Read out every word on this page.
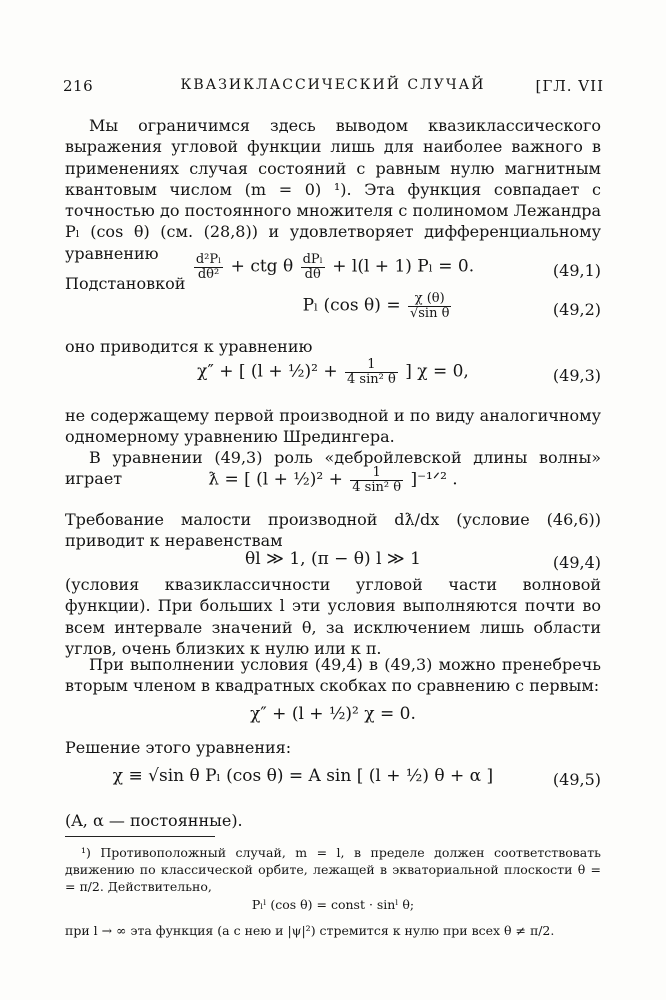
216	КВАЗИКЛАССИЧЕСКИЙ СЛУЧАЙ	[ГЛ. VII
Мы ограничимся здесь выводом квазиклассического выражения угловой функции лишь для наиболее важного в применениях случая состояний с равным нулю магнитным квантовым числом (m = 0) ¹). Эта функция совпадает с точностью до постоянного множителя с полиномом Лежандра Pₗ (cos θ) (см. (28,8)) и удовлетворяет дифференциальному уравнению	$\frac{\text{d²Pₗ}}{\text{dθ²}}$ + ctg θ dPₗ
dθ + l(l + 1) Pₗ = 0.	(49,1)
Подстановкой
Pₗ (cos $\theta) = \frac{\chi (\theta)}{\text{√sin θ}}$	(49,2)
оно приводится к уравнению
χ″ + [ (l + ½)² + $\frac{1}{\text{4 sin² θ}}$ ] χ = 0,	(49,3)
не содержащему первой производной и по виду аналогичному одномерному уравнению Шредингера.
В уравнении (49,3) роль «дебройлевской длины волны» играет	ƛ = [ (l + ½)² + $\frac{1}{\text{4 sin² θ}}$ ]⁻¹ᐟ² .
Требование малости производной dƛ/dx (условие (46,6)) приводит к неравенствам
θl ≫ 1, (π − θ) l ≫ 1	(49,4)
(условия квазиклассичности угловой части волновой функции). При больших l эти условия выполняются почти во всем интервале значений θ, за исключением лишь области углов, очень близких к нулю или к π.
При выполнении условия (49,4) в (49,3) можно пренебречь вторым членом в квадратных скобках по сравнению с первым:
χ″ + (l + ½)² χ = 0.
Решение этого уравнения:
χ ≡ √sin θ Pₗ (cos θ) = A sin [ (l + ½) θ + α ]	(49,5)
(A, α — постоянные).
¹) Противоположный случай, m = l, в пределе должен соответствовать движению по классической орбите, лежащей в экваториальной плоскости θ = = π/2. Действительно,
Pₗˡ (cos θ) = const · sinˡ θ;
при l → ∞ эта функция (а с нею и |ψ|²) стремится к нулю при всех θ ≠ π/2.
